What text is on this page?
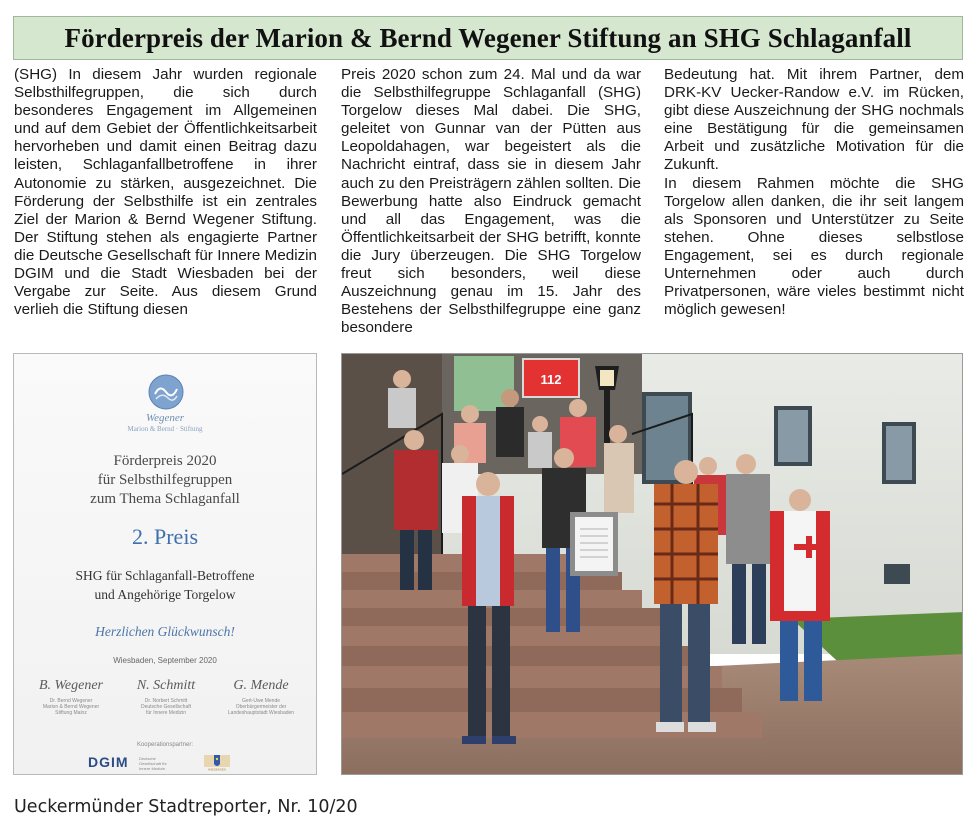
Förderpreis der Marion & Bernd Wegener Stiftung an SHG Schlaganfall

(SHG) In diesem Jahr wurden regionale Selbsthilfegruppen, die sich durch besonderes Engagement im Allgemeinen und auf dem Gebiet der Öffentlichkeitsarbeit hervorheben und damit einen Beitrag dazu leisten, Schlaganfallbetroffene in ihrer Autonomie zu stärken, ausgezeichnet. Die Förderung der Selbsthilfe ist ein zentrales Ziel der Marion & Bernd Wegener Stiftung. Der Stiftung stehen als engagierte Partner die Deutsche Gesellschaft für Innere Medizin DGIM und die Stadt Wiesbaden bei der Vergabe zur Seite. Aus diesem Grund verlieh die Stiftung diesen

Preis 2020 schon zum 24. Mal und da war die Selbsthilfegruppe Schlaganfall (SHG) Torgelow dieses Mal dabei. Die SHG, geleitet von Gunnar van der Pütten aus Leopoldahagen, war begeistert als die Nachricht eintraf, dass sie in diesem Jahr auch zu den Preisträgern zählen sollten. Die Bewerbung hatte also Eindruck gemacht und all das Engagement, was die Öffentlichkeitsarbeit der SHG betrifft, konnte die Jury überzeugen. Die SHG Torgelow freut sich besonders, weil diese Auszeichnung genau im 15. Jahr des Bestehens der Selbsthilfegruppe eine ganz besondere

Bedeutung hat. Mit ihrem Partner, dem DRK-KV Uecker-Randow e.V. im Rücken, gibt diese Auszeichnung der SHG nochmals eine Bestätigung für die gemeinsamen Arbeit und zusätzliche Motivation für die Zukunft.

In diesem Rahmen möchte die SHG Torgelow allen danken, die ihr seit langem als Sponsoren und Unterstützer zu Seite stehen. Ohne dieses selbstlose Engagement, sei es durch regionale Unternehmen oder auch durch Privatpersonen, wäre vieles bestimmt nicht möglich gewesen!

Wegener
Marion & Bernd · Stiftung
Förderpreis 2020
für Selbsthilfegruppen
zum Thema Schlaganfall
2. Preis
SHG für Schlaganfall-Betroffene
und Angehörige Torgelow
Herzlichen Glückwunsch!
Wiesbaden, September 2020
B. Wegener
Dr. Bernd Wegener
Marion & Bernd Wegener
Stiftung Mainz
N. Schmitt
Dr. Norbert Schmitt
Deutsche Gesellschaft
für Innere Medizin
G. Mende
Gert-Uwe Mende
Oberbürgermeister der
Landeshauptstadt Wiesbaden
Kooperationspartner:
DGIM	Deutsche Gesellschaft für Innere Medizin	WIESBADEN
112
Ueckermünder Stadtreporter, Nr. 10/20
